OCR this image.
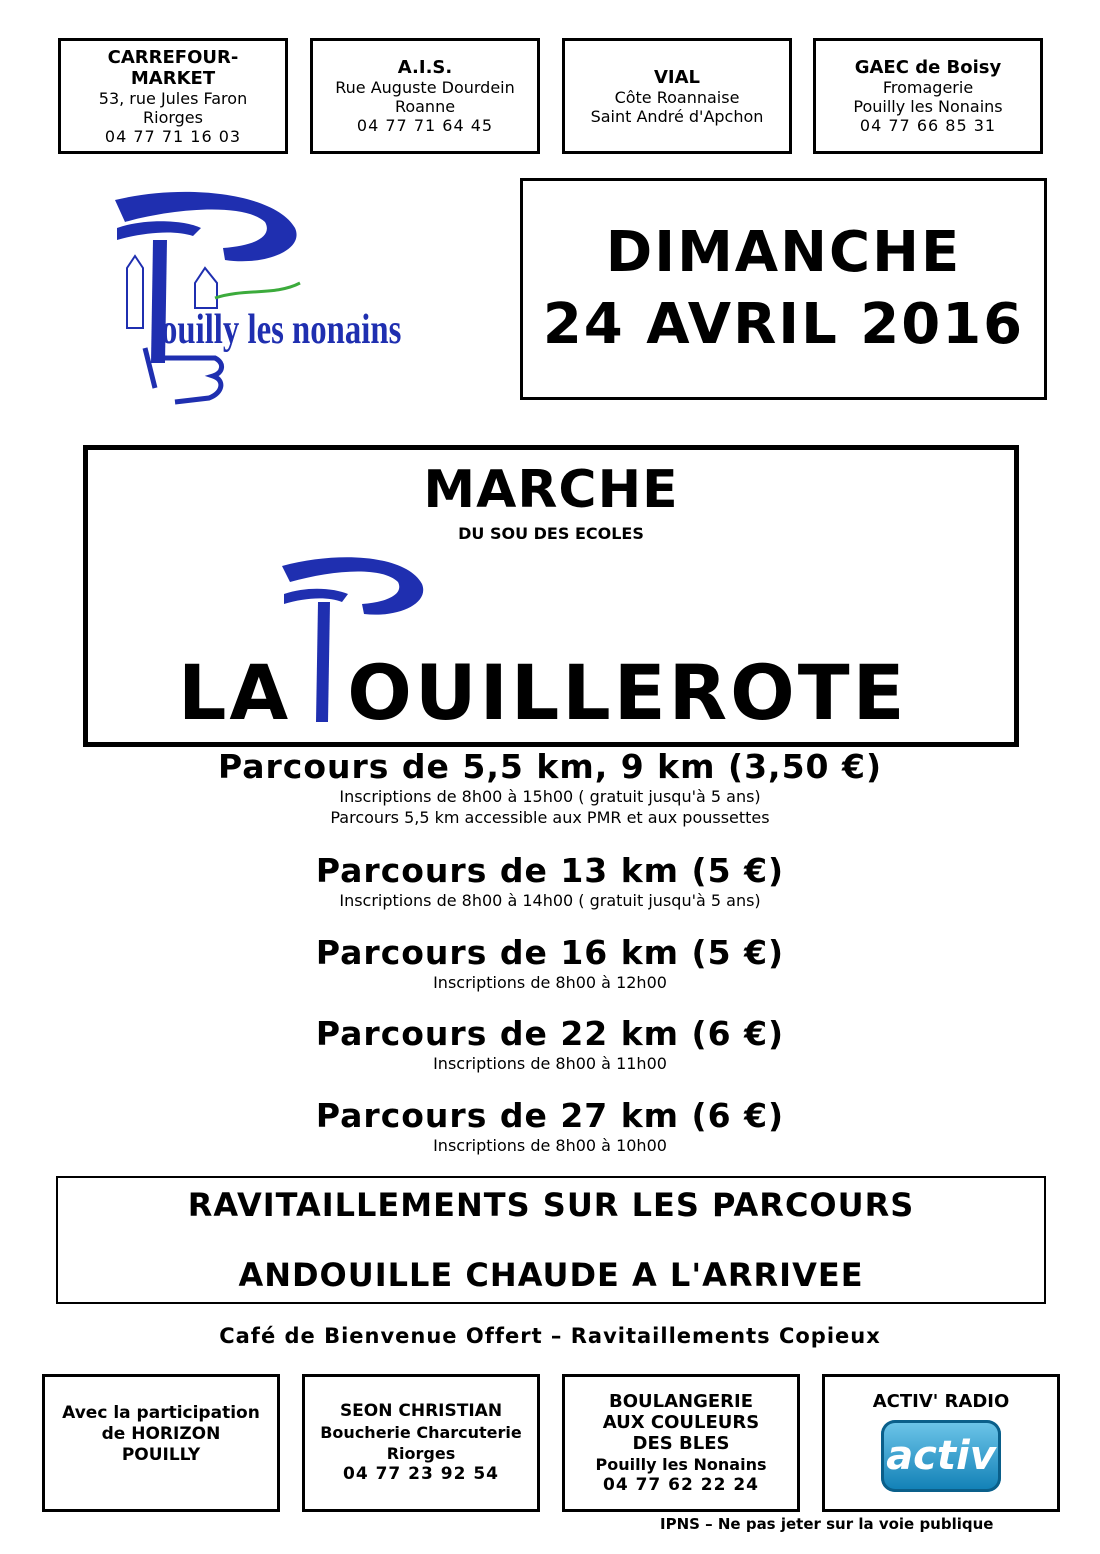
CARREFOUR-
MARKET
53, rue Jules Faron
Riorges
04 77 71 16 03
A.I.S.
Rue Auguste Dourdein
Roanne
04 77 71 64 45
VIAL
Côte Roannaise
Saint André d'Apchon
GAEC de Boisy
Fromagerie
Pouilly les Nonains
04 77 66 85 31
ouilly les nonains
DIMANCHE
24 AVRIL 2016
MARCHE
DU SOU DES ECOLES
LA OUILLEROTE
Parcours de 5,5 km, 9 km (3,50 €)
Inscriptions de 8h00 à 15h00 ( gratuit jusqu'à 5 ans)
Parcours 5,5 km accessible aux PMR et aux poussettes
Parcours de 13 km (5 €)
Inscriptions de 8h00 à 14h00 ( gratuit jusqu'à 5 ans)
Parcours de 16 km (5 €)
Inscriptions de 8h00 à 12h00
Parcours de 22 km (6 €)
Inscriptions de 8h00 à 11h00
Parcours de 27 km (6 €)
Inscriptions de 8h00 à 10h00
RAVITAILLEMENTS SUR LES PARCOURS
ANDOUILLE CHAUDE A L'ARRIVEE
Café de Bienvenue Offert – Ravitaillements Copieux
Avec la participation
de HORIZON
POUILLY
SEON CHRISTIAN
Boucherie Charcuterie
Riorges
04 77 23 92 54
BOULANGERIE
AUX COULEURS
DES BLES
Pouilly les Nonains
04 77 62 22 24
ACTIV' RADIO
activ
IPNS – Ne pas jeter sur la voie publique
